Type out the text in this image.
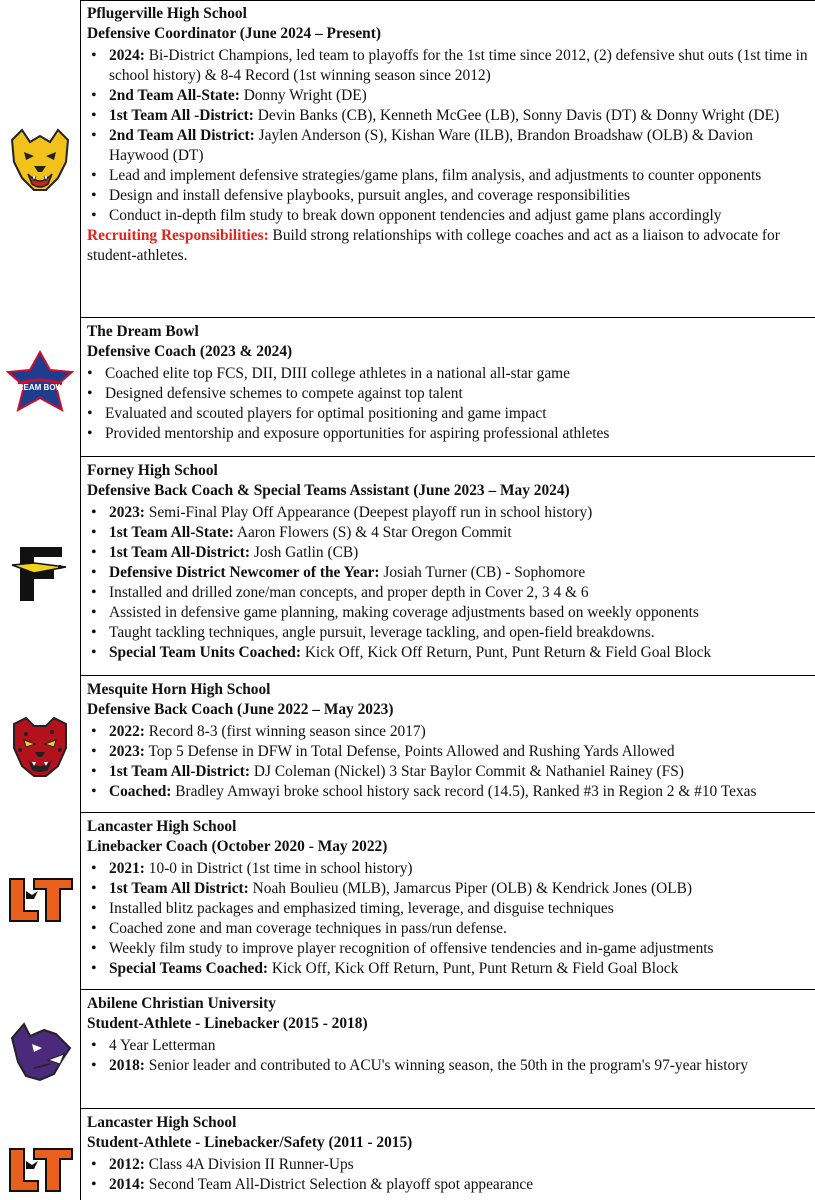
Pflugerville High School
Defensive Coordinator (June 2024 – Present)
• 2024: Bi-District Champions, led team to playoffs for the 1st time since 2012, (2) defensive shut outs (1st time in school history) & 8-4 Record (1st winning season since 2012)
• 2nd Team All-State: Donny Wright (DE)
• 1st Team All -District: Devin Banks (CB), Kenneth McGee (LB), Sonny Davis (DT) & Donny Wright (DE)
• 2nd Team All District: Jaylen Anderson (S), Kishan Ware (ILB), Brandon Broadshaw (OLB) & Davion Haywood (DT)
• Lead and implement defensive strategies/game plans, film analysis, and adjustments to counter opponents
• Design and install defensive playbooks, pursuit angles, and coverage responsibilities
• Conduct in-depth film study to break down opponent tendencies and adjust game plans accordingly
Recruiting Responsibilities: Build strong relationships with college coaches and act as a liaison to advocate for student-athletes.
DREAM BOWL
The Dream Bowl
Defensive Coach (2023 & 2024)
• Coached elite top FCS, DII, DIII college athletes in a national all-star game
• Designed defensive schemes to compete against top talent
• Evaluated and scouted players for optimal positioning and game impact
• Provided mentorship and exposure opportunities for aspiring professional athletes
Forney High School
Defensive Back Coach & Special Teams Assistant (June 2023 – May 2024)
• 2023: Semi-Final Play Off Appearance (Deepest playoff run in school history)
• 1st Team All-State: Aaron Flowers (S) & 4 Star Oregon Commit
• 1st Team All-District: Josh Gatlin (CB)
• Defensive District Newcomer of the Year: Josiah Turner (CB) - Sophomore
• Installed and drilled zone/man concepts, and proper depth in Cover 2, 3 4 & 6
• Assisted in defensive game planning, making coverage adjustments based on weekly opponents
• Taught tackling techniques, angle pursuit, leverage tackling, and open-field breakdowns.
• Special Team Units Coached: Kick Off, Kick Off Return, Punt, Punt Return & Field Goal Block
Mesquite Horn High School
Defensive Back Coach (June 2022 – May 2023)
• 2022: Record 8-3 (first winning season since 2017)
• 2023: Top 5 Defense in DFW in Total Defense, Points Allowed and Rushing Yards Allowed
• 1st Team All-District: DJ Coleman (Nickel) 3 Star Baylor Commit & Nathaniel Rainey (FS)
• Coached: Bradley Amwayi broke school history sack record (14.5), Ranked #3 in Region 2 & #10 Texas
Lancaster High School
Linebacker Coach (October 2020 - May 2022)
• 2021: 10-0 in District (1st time in school history)
• 1st Team All District: Noah Boulieu (MLB), Jamarcus Piper (OLB) & Kendrick Jones (OLB)
• Installed blitz packages and emphasized timing, leverage, and disguise techniques
• Coached zone and man coverage techniques in pass/run defense.
• Weekly film study to improve player recognition of offensive tendencies and in-game adjustments
• Special Teams Coached: Kick Off, Kick Off Return, Punt, Punt Return & Field Goal Block
Abilene Christian University
Student-Athlete - Linebacker (2015 - 2018)
• 4 Year Letterman
• 2018: Senior leader and contributed to ACU's winning season, the 50th in the program's 97-year history
Lancaster High School
Student-Athlete - Linebacker/Safety (2011 - 2015)
• 2012: Class 4A Division II Runner-Ups
• 2014: Second Team All-District Selection & playoff spot appearance
